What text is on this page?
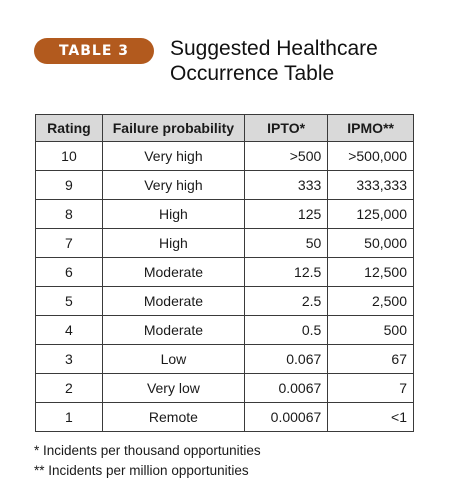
TABLE 3	Suggested Healthcare
Occurrence Table
Rating	Failure probability	IPTO*	IPMO**
10	Very high	>500	>500,000
9	Very high	333	333,333
8	High	125	125,000
7	High	50	50,000
6	Moderate	12.5	12,500
5	Moderate	2.5	2,500
4	Moderate	0.5	500
3	Low	0.067	67
2	Very low	0.0067	7
1	Remote	0.00067	<1
* Incidents per thousand opportunities
** Incidents per million opportunities
